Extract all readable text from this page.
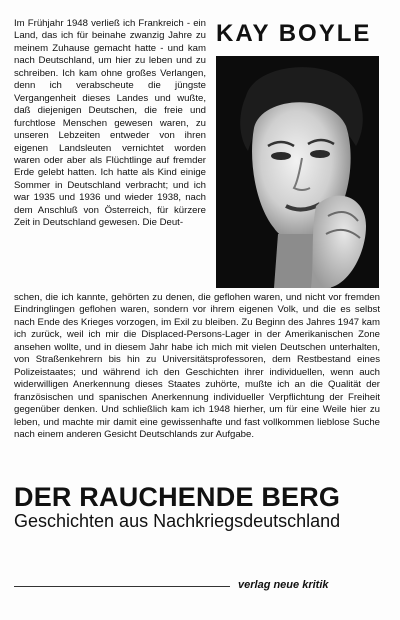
KAY BOYLE

Im Frühjahr 1948 verließ ich Frankreich - ein Land, das ich für beinahe zwanzig Jahre zu meinem Zuhause gemacht hatte - und kam nach Deutschland, um hier zu leben und zu schreiben. Ich kam ohne großes Verlangen, denn ich verabscheute die jüngste Vergangenheit dieses Landes und wußte, daß diejenigen Deutschen, die freie und furchtlose Menschen gewesen waren, zu unseren Lebzeiten entweder von ihren eigenen Landsleuten vernichtet worden waren oder aber als Flüchtlinge auf fremder Erde gelebt hatten. Ich hatte als Kind einige Sommer in Deutschland verbracht; und ich war 1935 und 1936 und wieder 1938, nach dem Anschluß von Österreich, für kürzere Zeit in Deutschland gewesen. Die Deut-

schen, die ich kannte, gehörten zu denen, die geflohen waren, und nicht vor fremden Eindringlingen geflohen waren, sondern vor ihrem eigenen Volk, und die es selbst nach Ende des Krieges vorzogen, im Exil zu bleiben. Zu Beginn des Jahres 1947 kam ich zurück, weil ich mir die Displaced-Persons-Lager in der Amerikanischen Zone ansehen wollte, und in diesem Jahr habe ich mich mit vielen Deutschen unterhalten, von Straßenkehrern bis hin zu Universitätsprofessoren, dem Restbestand eines Polizeistaates; und während ich den Geschichten ihrer individuellen, wenn auch widerwilligen Anerkennung dieses Staates zuhörte, mußte ich an die Qualität der französischen und spanischen Anerkennung individueller Verpflichtung der Freiheit gegenüber denken. Und schließlich kam ich 1948 hierher, um für eine Weile hier zu leben, und machte mir damit eine gewissenhafte und fast vollkommen lieblose Suche nach einem anderen Gesicht Deutschlands zur Aufgabe.

DER RAUCHENDE BERG
Geschichten aus Nachkriegsdeutschland
verlag neue kritik
